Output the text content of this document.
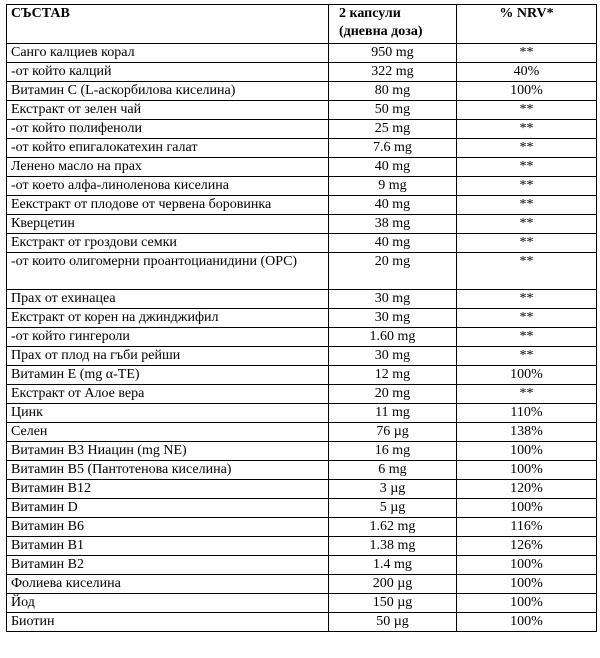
СЪСТАВ	2 капсули (дневна доза)	% NRV*
Санго калциев корал	950 mg	**
-от който калций	322 mg	40%
Витамин С (L-аскорбилова киселина)	80 mg	100%
Екстракт от зелен чай	50 mg	**
-от който полифеноли	25 mg	**
-от който епигалокатехин галат	7.6 mg	**
Ленено масло на прах	40 mg	**
-от което алфа-линоленова киселина	9 mg	**
Еекстракт от плодове от червена боровинка	40 mg	**
Кверцетин	38 mg	**
Екстракт от гроздови семки	40 mg	**
-от които олигомерни проантоцианидини (OPC)	20 mg	**
Прах от ехинацеа	30 mg	**
Екстракт от корен на джинджифил	30 mg	**
-от който гингероли	1.60 mg	**
Прах от плод на гъби рейши	30 mg	**
Витамин Е (mg α-TE)	12 mg	100%
Екстракт от Алое вера	20 mg	**
Цинк	11 mg	110%
Селен	76 µg	138%
Витамин В3 Ниацин (mg NE)	16 mg	100%
Витамин В5 (Пантотенова киселина)	6 mg	100%
Витамин В12	3 µg	120%
Витамин D	5 µg	100%
Витамин В6	1.62 mg	116%
Витамин В1	1.38 mg	126%
Витамин В2	1.4 mg	100%
Фолиева киселина	200 µg	100%
Йод	150 µg	100%
Биотин	50 µg	100%
